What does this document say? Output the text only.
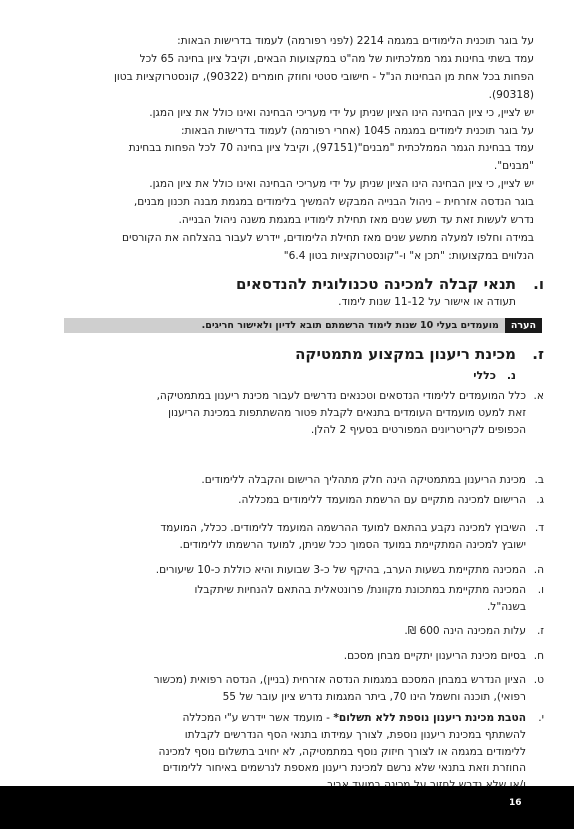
על בוגר תוכנית הלימודים במגמה 2214 (לפני רפורמה) לעמוד בדרישות הבאות:

עמד בשתי בחינות גמר ממלכתיות של מה"ט במקצועות הבאים, וקיבל ציון בחינה 65 לכל

הפחות בכל אחת מן הבחינות הנ"ל - חישובי סטטי וחוזק חומרים (90322), קונסטרוקציות בטון

(90318).

יש לציין, כי ציון הבחינה הינו הציון שניתן על ידי מעריכי הבחינה ואינו כולל את ציון המגן.

על בוגר תוכנית לימודים במגמה 1045 (אחרי רפורמה) לעמוד בדרישות הבאות:

עמד בבחינת הגמר הממלכתית "מבנים"(97151), וקיבל ציון בחינה 70 לכל הפחות בבחינת

"מבנים".

יש לציין, כי ציון הבחינה הינו הציון שניתן על ידי מעריכי הבחינה ואינו כולל את ציון המגן.

בוגר הנדסה אזרחית – ניהול הבנייה המבקש להמשיך בלימודים במגמת מבנה תכנון מבנים,

נדרש לעשות זאת עד תשע שנים מאז תחילת לימודיו במגמת משנה ניהול הבנייה.

במידה וחלפו למעלה מתשע שנים מאז תחילת הלימודים, יידרש לעבור בהצלחה את הקורסים

הנלווים במקצועות: "תכן א" ו-"קונסטרוקציות בטון 6.4"

ו.
תנאי קבלה למכינה טכנולוגית להנדסאים
תעודה או אישור על 11-12 שנות לימוד.
הערה
מועמדים בעלי 10 שנות לימוד הרשמתם תובא לדיון ולאישור חריגים.
ז.
מכינת ריענון במקצוע מתמטיקה
נ.
כללי
א.
כלל המועמדים ללימודי הנדסאים וטכנאים נדרשים לעבור מכינת ריענון במתמטיקה,
זאת למעט מועמדים העומדים בתנאים לקבלת פטור מהשתתפות במכינת הריענון
הכפופים לקריטריונים המפורטים בסעיף 2 להלן.
ב.
מכינת הריענון במתמטיקה הינה חלק מתהליך הרישום והקבלה ללימודים.
ג.
הרישום למכינה מתקיים עם הרשמת המועמד ללימודים במכללה.
ד.
השיבוץ למכינה נקבע בהתאם למועד ההרשמה המועמד ללימודים. ככלל, המועמד
ישובץ למכינה המתקיימת במועד הסמוך ככל שניתן, למועד הרשמתו ללימודים.
ה.
המכינה מתקיימת בשעות הערב, בהיקף של כ-3 שבועות והיא כוללת כ-10 שיעורים.
ו.
המכינה מתקיימת במתכונת מקוונת/ פרונטאלית בהתאם להנחיות שיתקבלו
בשנה"ל.
ז.
עלות המכינה הינה 600 ₪.
ח.
בסיום מכינת הריענון יתקיים מבחן מסכם.
ט.
הציון הנדרש במבחן המסכם במגמות הנדסה אזרחית (בניין), הנדסה רפואית (מכשור
רפואי), תוכנה וחשמל הינו 70, ביתר המגמות נדרש ציון עובר של 55
י.
הטבת מכינת ריענון נוספת ללא תשלום* - מועמד אשר יידרש ע"י המכללה
להשתתף במכינת ריענון נוספת, לצורך עמידתו בתנאי הסף הנדרשים לקבלתו
ללימודים במגמה או לצורך חיזוק נוסף במתמטיקה, לא יחויב בתשלום נוסף למכינה
החוזרת וזאת בתנאי שלא נרשם למכינת ריענון מאספת לנרשמים באיחור ללימודים
16
